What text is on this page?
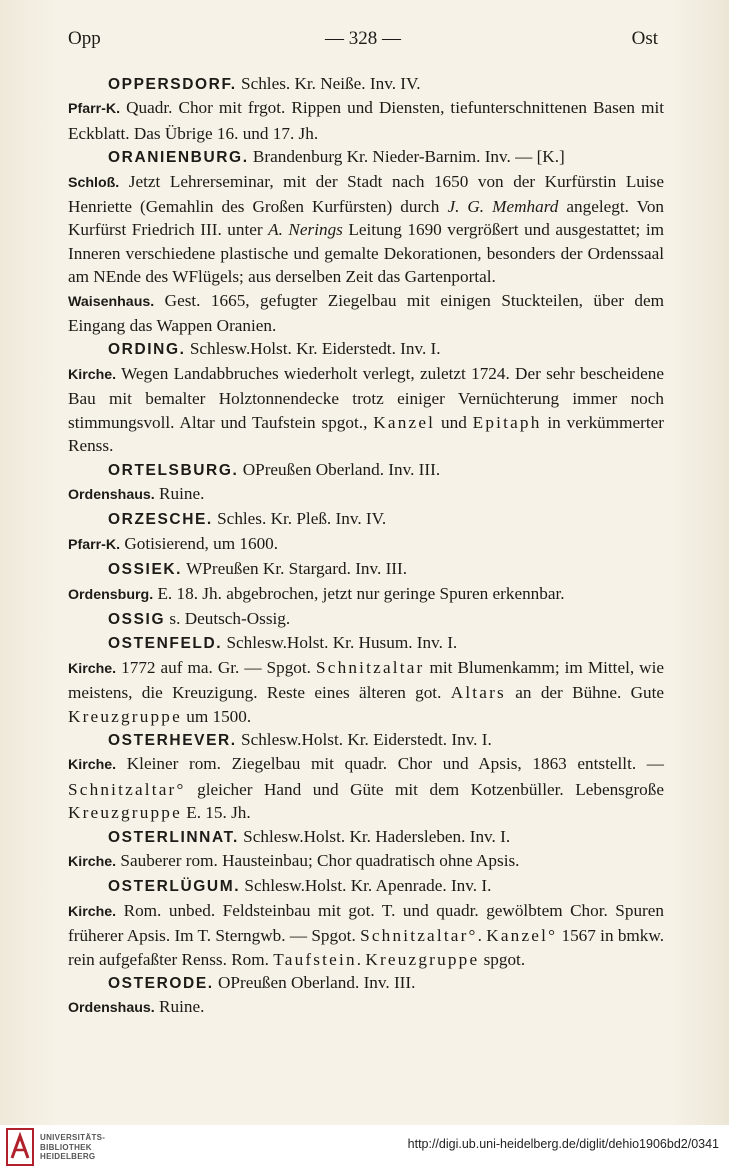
Opp	— 328 —	Ost

OPPERSDORF. Schles. Kr. Neiße. Inv. IV.

Pfarr-K. Quadr. Chor mit frgot. Rippen und Diensten, tiefunterschnittenen Basen mit Eckblatt. Das Übrige 16. und 17. Jh.

ORANIENBURG. Brandenburg Kr. Nieder-Barnim. Inv. — [K.]

Schloß. Jetzt Lehrerseminar, mit der Stadt nach 1650 von der Kurfürstin Luise Henriette (Gemahlin des Großen Kurfürsten) durch J. G. Memhard angelegt. Von Kurfürst Friedrich III. unter A. Nerings Leitung 1690 vergrößert und ausgestattet; im Inneren verschiedene plastische und gemalte Dekorationen, besonders der Ordenssaal am NEnde des WFlügels; aus derselben Zeit das Gartenportal.

Waisenhaus. Gest. 1665, gefugter Ziegelbau mit einigen Stuckteilen, über dem Eingang das Wappen Oranien.

ORDING. Schlesw.Holst. Kr. Eiderstedt. Inv. I.

Kirche. Wegen Landabbruches wiederholt verlegt, zuletzt 1724. Der sehr bescheidene Bau mit bemalter Holztonnendecke trotz einiger Vernüchterung immer noch stimmungsvoll. Altar und Taufstein spgot., Kanzel und Epitaph in verkümmerter Renss.

ORTELSBURG. OPreußen Oberland. Inv. III.

Ordenshaus. Ruine.

ORZESCHE. Schles. Kr. Pleß. Inv. IV.

Pfarr-K. Gotisierend, um 1600.

OSSIEK. WPreußen Kr. Stargard. Inv. III.

Ordensburg. E. 18. Jh. abgebrochen, jetzt nur geringe Spuren erkennbar.

OSSIG s. Deutsch-Ossig.

OSTENFELD. Schlesw.Holst. Kr. Husum. Inv. I.

Kirche. 1772 auf ma. Gr. — Spgot. Schnitzaltar mit Blumenkamm; im Mittel, wie meistens, die Kreuzigung. Reste eines älteren got. Altars an der Bühne. Gute Kreuzgruppe um 1500.

OSTERHEVER. Schlesw.Holst. Kr. Eiderstedt. Inv. I.

Kirche. Kleiner rom. Ziegelbau mit quadr. Chor und Apsis, 1863 entstellt. — Schnitzaltar° gleicher Hand und Güte mit dem Kotzenbüller. Lebensgroße Kreuzgruppe E. 15. Jh.

OSTERLINNAT. Schlesw.Holst. Kr. Hadersleben. Inv. I.

Kirche. Sauberer rom. Hausteinbau; Chor quadratisch ohne Apsis.

OSTERLÜGUM. Schlesw.Holst. Kr. Apenrade. Inv. I.

Kirche. Rom. unbed. Feldsteinbau mit got. T. und quadr. gewölbtem Chor. Spuren früherer Apsis. Im T. Sterngwb. — Spgot. Schnitzaltar°. Kanzel° 1567 in bmkw. rein aufgefaßter Renss. Rom. Taufstein. Kreuzgruppe spgot.

OSTERODE. OPreußen Oberland. Inv. III.

Ordenshaus. Ruine.

UNIVERSITÄTS-
BIBLIOTHEK
HEIDELBERG
http://digi.ub.uni-heidelberg.de/diglit/dehio1906bd2/0341
